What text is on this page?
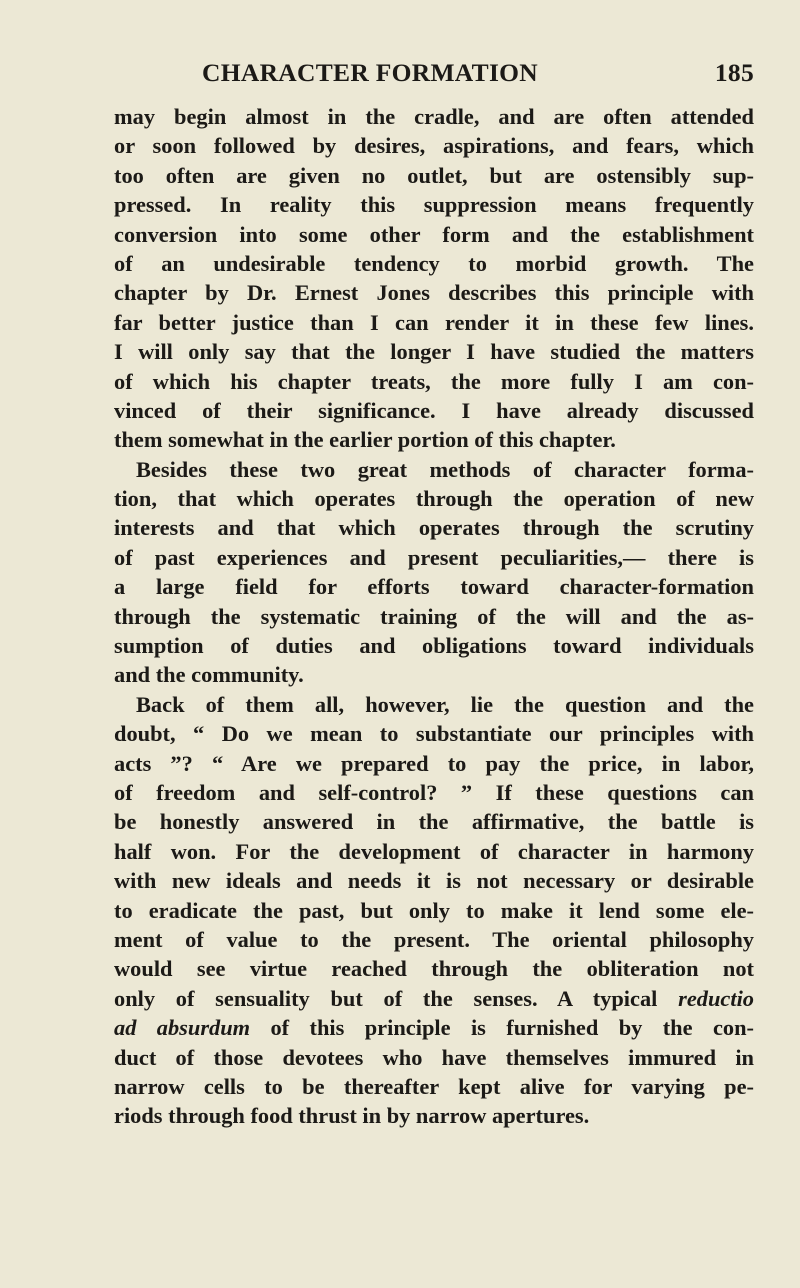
CHARACTER FORMATION	185
may begin almost in the cradle, and are often attended
or soon followed by desires, aspirations, and fears, which
too often are given no outlet, but are ostensibly sup-
pressed. In reality this suppression means frequently
conversion into some other form and the establishment
of an undesirable tendency to morbid growth. The
chapter by Dr. Ernest Jones describes this principle with
far better justice than I can render it in these few lines.
I will only say that the longer I have studied the matters
of which his chapter treats, the more fully I am con-
vinced of their significance. I have already discussed
them somewhat in the earlier portion of this chapter.
Besides these two great methods of character forma-
tion, that which operates through the operation of new
interests and that which operates through the scrutiny
of past experiences and present peculiarities,— there is
a large field for efforts toward character-formation
through the systematic training of the will and the as-
sumption of duties and obligations toward individuals
and the community.
Back of them all, however, lie the question and the
doubt, “ Do we mean to substantiate our principles with
acts ”? “ Are we prepared to pay the price, in labor,
of freedom and self-control? ” If these questions can
be honestly answered in the affirmative, the battle is
half won. For the development of character in harmony
with new ideals and needs it is not necessary or desirable
to eradicate the past, but only to make it lend some ele-
ment of value to the present. The oriental philosophy
would see virtue reached through the obliteration not
only of sensuality but of the senses. A typical reductio
ad absurdum of this principle is furnished by the con-
duct of those devotees who have themselves immured in
narrow cells to be thereafter kept alive for varying pe-
riods through food thrust in by narrow apertures.
